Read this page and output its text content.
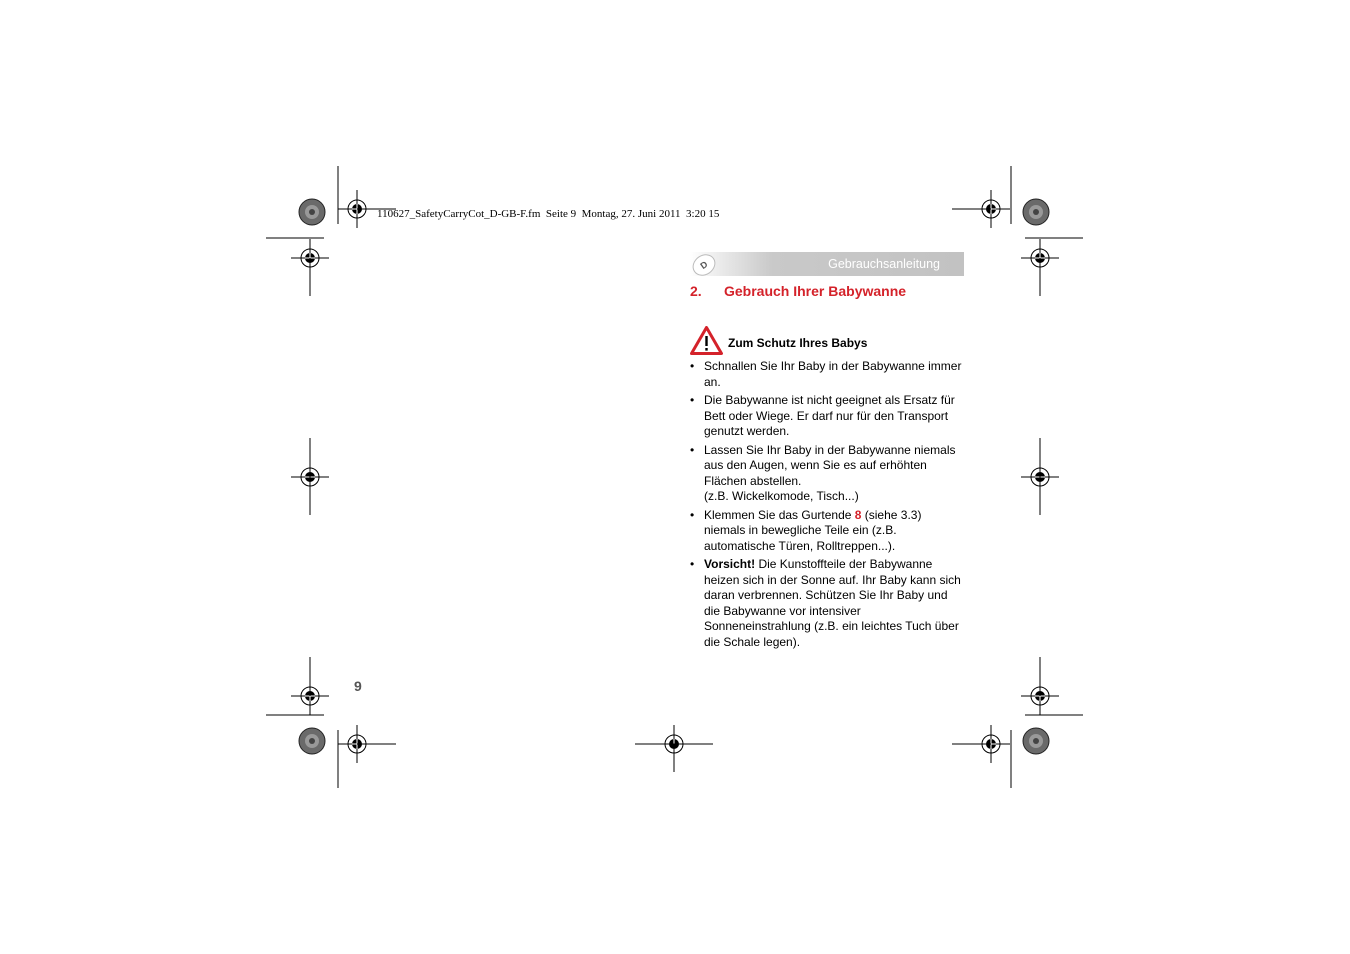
110627_SafetyCarryCot_D-GB-F.fm  Seite 9  Montag, 27. Juni 2011  3:20 15
Gebrauchsanleitung
D
2. Gebrauch Ihrer Babywanne
Zum Schutz Ihres Babys
• Schnallen Sie Ihr Baby in der Babywanne immer an.
• Die Babywanne ist nicht geeignet als Ersatz für Bett oder Wiege. Er darf nur für den Transport genutzt werden.
• Lassen Sie Ihr Baby in der Babywanne niemals aus den Augen, wenn Sie es auf erhöhten Flächen abstellen.
(z.B. Wickelkomode, Tisch...)
• Klemmen Sie das Gurtende 8 (siehe 3.3) niemals in bewegliche Teile ein (z.B. automatische Türen, Rolltreppen...).
• Vorsicht! Die Kunstoffteile der Babywanne heizen sich in der Sonne auf. Ihr Baby kann sich daran verbrennen. Schützen Sie Ihr Baby und die Babywanne vor intensiver Sonneneinstrahlung (z.B. ein leichtes Tuch über die Schale legen).
9
